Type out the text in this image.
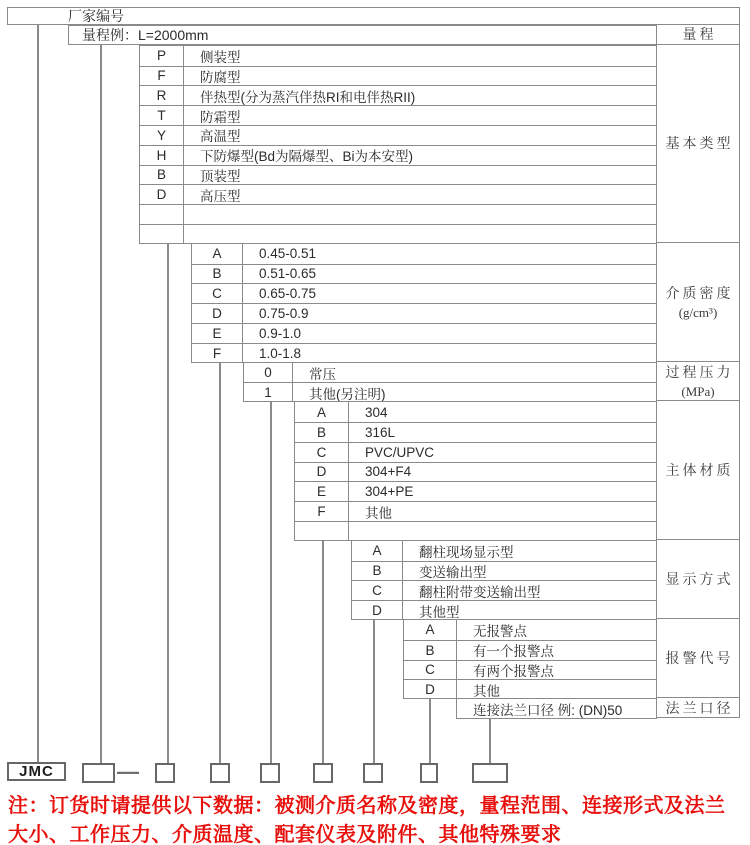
厂家编号
量程例：L=2000mm
P	侧装型
F	防腐型
R	伴热型(分为蒸汽伴热RI和电伴热RII)
T	防霜型
Y	高温型
H	下防爆型(Bd为隔爆型、Bi为本安型)
B	顶装型
D	高压型
A	0.45-0.51
B	0.51-0.65
C	0.65-0.75
D	0.75-0.9
E	0.9-1.0
F	1.0-1.8
0	常压
1	其他(另注明)
A	304
B	316L
C	PVC/UPVC
D	304+F4
E	304+PE
F	其他
A	翻柱现场显示型
B	变送输出型
C	翻柱附带变送输出型
D	其他型
A	无报警点
B	有一个报警点
C	有两个报警点
D	其他
连接法兰口径 例: (DN)50
量程
基本类型
介质密度
(g/cm³)
过程压力
(MPa)
主体材质
显示方式
报警代号
法兰口径
JMC	—
注：订货时请提供以下数据：被测介质名称及密度，量程范围、连接形式及法兰大小、工作压力、介质温度、配套仪表及附件、其他特殊要求
